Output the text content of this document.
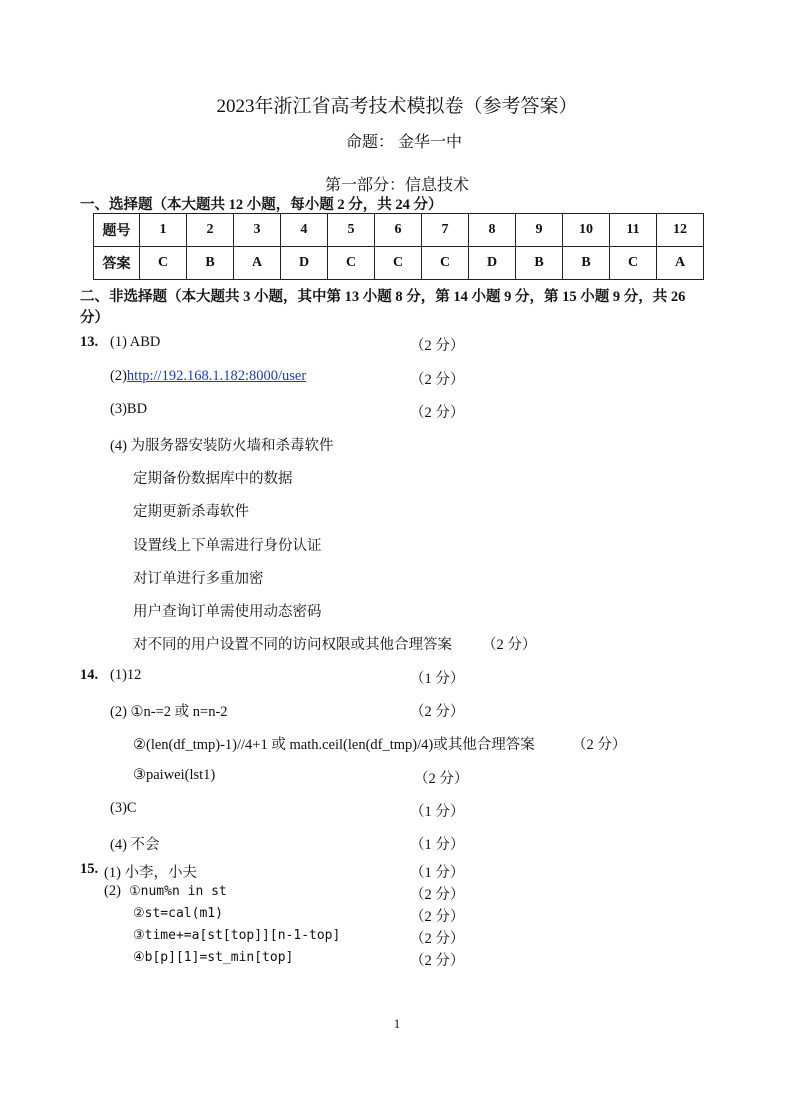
2023年浙江省高考技术模拟卷（参考答案）
命题： 金华一中
第一部分：信息技术
一、选择题（本大题共 12 小题，每小题 2 分，共 24 分）
题号	1	2	3	4	5	6	7	8	9	10	11	12
答案	C	B	A	D	C	C	C	D	B	B	C	A
二、非选择题（本大题共 3 小题，其中第 13 小题 8 分，第 14 小题 9 分，第 15 小题 9 分，共 26
分）
13. (1) ABD	（2 分）
(2)http://192.168.1.182:8000/user	（2 分）
(3)BD	（2 分）
(4) 为服务器安装防火墙和杀毒软件
定期备份数据库中的数据
定期更新杀毒软件
设置线上下单需进行身份认证
对订单进行多重加密
用户查询订单需使用动态密码
对不同的用户设置不同的访问权限或其他合理答案 （2 分）
14. (1)12	（1 分）
(2) ①n-=2 或 n=n-2	（2 分）
②(len(df_tmp)-1)//4+1 或 math.ceil(len(df_tmp)/4)或其他合理答案	（2 分）
③paiwei(lst1)	（2 分）
(3)C	（1 分）
(4) 不会	（1 分）
15. (1) 小李，小夫	（1 分）
(2) ①num%n in st	（2 分）
②st=cal(m1)	（2 分）
③time+=a[st[top]][n-1-top]	（2 分）
④b[p][1]=st_min[top]	（2 分）
1
